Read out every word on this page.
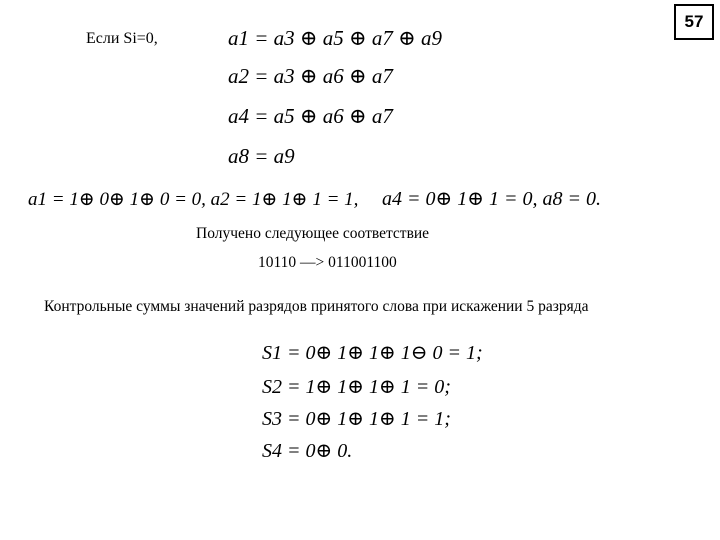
57
Если Si=0,	a1 = a3 ⊕ a5 ⊕ a7 ⊕ a9
a2 = a3 ⊕ a6 ⊕ a7
a4 = a5 ⊕ a6 ⊕ a7
a8 = a9
a1 = 1⊕ 0⊕ 1⊕ 0 = 0, a2 = 1⊕ 1⊕ 1 = 1, a4 = 0⊕ 1⊕ 1 = 0, a8 = 0.
Получено следующее соответствие
10110 —> 011001100
Контрольные суммы значений разрядов принятого слова при искажении 5 разряда
S1 = 0⊕ 1⊕ 1⊕ 1⊖ 0 = 1;
S2 = 1⊕ 1⊕ 1⊕ 1 = 0;
S3 = 0⊕ 1⊕ 1⊕ 1 = 1;
S4 = 0⊕ 0.
